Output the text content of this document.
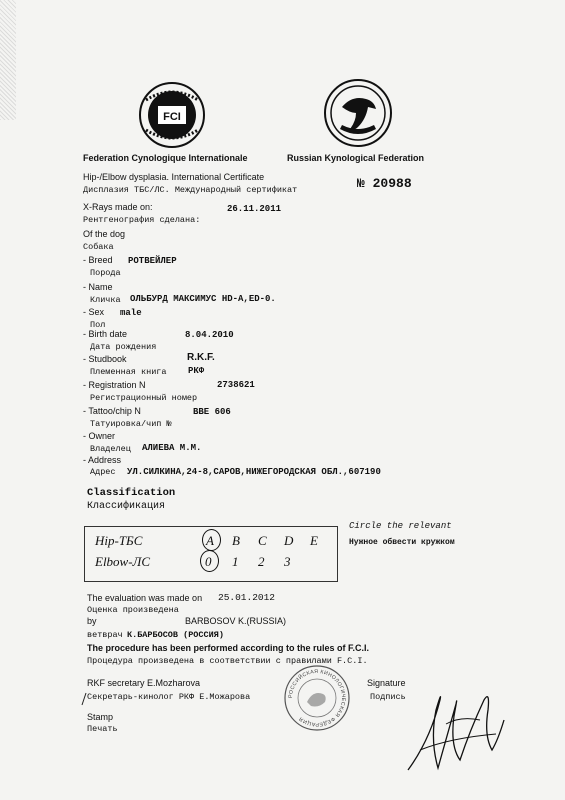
FCI
Federation Cynologique Internationale	Russian Kynological Federation
Hip-/Elbow dysplasia. International Certificate
Дисплазия ТБС/ЛС. Международный сертификат	№ 20988
X-Rays made on:	26.11.2011
Рентгенография сделана:
Of the dog
Собака
- Breed РОТВЕЙЛЕР
Порода
- Name
Кличка ОЛЬБУРД МАКСИМУС HD-A,ED-0.
- Sex male
Пол
- Birth date	8.04.2010
Дата рождения
- Studbook	R.K.F.
Племенная книга РКФ
- Registration N	2738621
Регистрационный номер
- Tattoo/chip N	ВВЕ 606
Татуировка/чип №
- Owner
Владелец АЛИЕВА М.М.
- Address
Адрес УЛ.СИЛКИНА,24-8,САРОВ,НИЖЕГОРОДСКАЯ ОБЛ.,607190
Classification
Классификация
Hip-ТБС	A B C D E
Elbow-ЛС	0 1 2 3
Circle the relevant
Нужное обвести кружком
The evaluation was made on 25.01.2012
Оценка произведена
by	BARBOSOV K.(RUSSIA)
ветврач К.БАРБОСОВ (РОССИЯ)
The procedure has been performed according to the rules of F.C.I.
Процедура произведена в соответствии с правилами F.C.I.
RKF secretary E.Mozharova
Секретарь-кинолог РКФ Е.Можарова
Stamp
Печать
Signature
Подпись
РОССИЙСКАЯ КИНОЛОГИЧЕСКАЯ ФЕДЕРАЦИЯ
